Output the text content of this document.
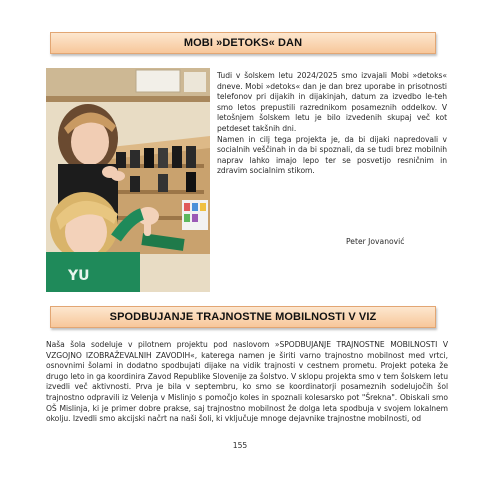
MOBI »DETOKS« DAN
YU

Tudi v šolskem letu 2024/2025 smo izvajali Mobi »detoks« dneve. Mobi »detoks« dan je dan brez uporabe in prisotnosti telefonov pri dijakih in dijakinjah, datum za izvedbo le-teh smo letos prepustili razrednikom posameznih oddelkov. V letošnjem šolskem letu je bilo izvedenih skupaj več kot petdeset takšnih dni.

Namen in cilj tega projekta je, da bi dijaki napredovali v socialnih veščinah in da bi spoznali, da se tudi brez mobilnih naprav lahko imajo lepo ter se posvetijo resničnim in zdravim socialnim stikom.

Peter Jovanović
SPODBUJANJE TRAJNOSTNE MOBILNOSTI V VIZ
Naša šola sodeluje v pilotnem projektu pod naslovom »SPODBUJANJE TRAJNOSTNE MOBILNOSTI V VZGOJNO IZOBRAŽEVALNIH ZAVODIH«, katerega namen je širiti varno trajnostno mobilnost med vrtci, osnovnimi šolami in dodatno spodbujati dijake na vidik trajnosti v cestnem prometu. Projekt poteka že drugo leto in ga koordinira Zavod Republike Slovenije za šolstvo. V sklopu projekta smo v tem šolskem letu izvedli več aktivnosti. Prva je bila v septembru, ko smo se koordinatorji posameznih sodelujočih šol trajnostno odpravili iz Velenja v Mislinjo s pomočjo koles in spoznali kolesarsko pot "Šrekna". Obiskali smo OŠ Mislinja, ki je primer dobre prakse, saj trajnostno mobilnost že dolga leta spodbuja v svojem lokalnem okolju. Izvedli smo akcijski načrt na naši šoli, ki vključuje mnoge dejavnike trajnostne mobilnosti, od
155
